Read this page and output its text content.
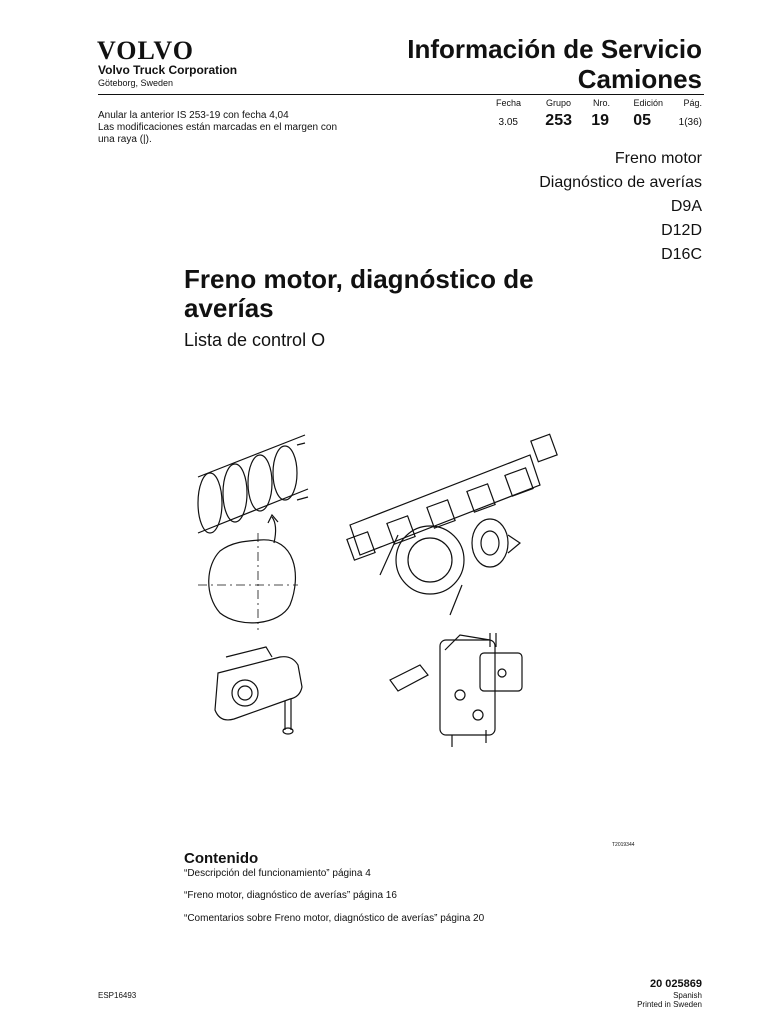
VOLVO
Volvo Truck Corporation
Göteborg, Sweden
Información de Servicio
Camiones
Anular la anterior IS 253-19 con fecha 4,04
Las modificaciones están marcadas en el margen con
una raya (|).
Fecha	Grupo Nro.	Edición Pág.
3.05 253 19 05	1(36)
Freno motor
Diagnóstico de averías
D9A
D12D
D16C
Freno motor, diagnóstico de averías
Lista de control O
T2019344
Contenido
“Descripción del funcionamiento” página 4
“Freno motor, diagnóstico de averías” página 16
“Comentarios sobre Freno motor, diagnóstico de averías” página 20
ESP16493
20 025869
Spanish
Printed in Sweden
